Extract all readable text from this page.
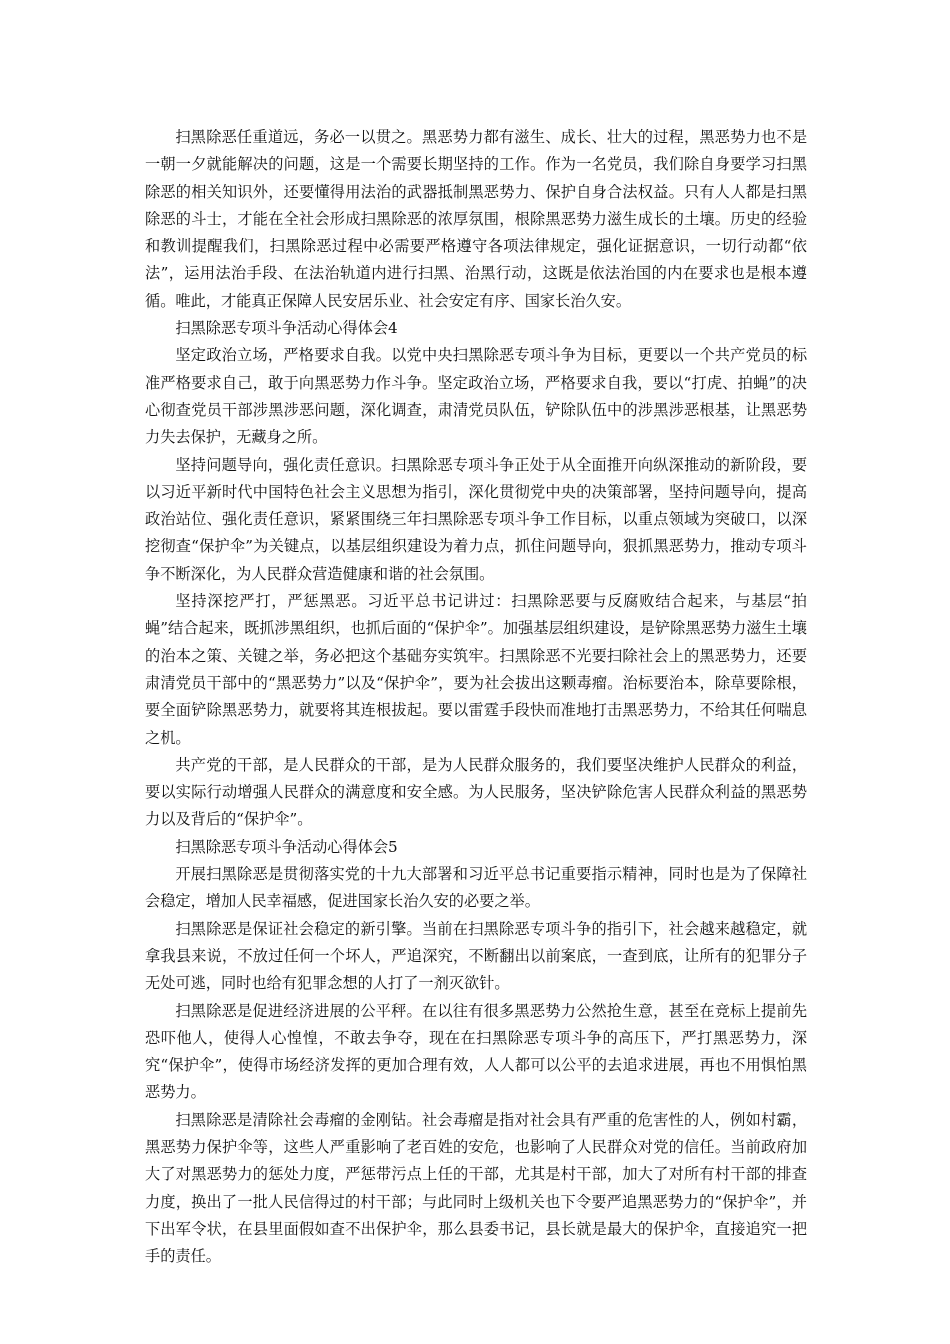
扫黑除恶任重道远，务必一以贯之。黑恶势力都有滋生、成长、壮大的过程，黑恶势力也不是一朝一夕就能解决的问题，这是一个需要长期坚持的工作。作为一名党员，我们除自身要学习扫黑除恶的相关知识外，还要懂得用法治的武器抵制黑恶势力、保护自身合法权益。只有人人都是扫黑除恶的斗士，才能在全社会形成扫黑除恶的浓厚氛围，根除黑恶势力滋生成长的土壤。历史的经验和教训提醒我们，扫黑除恶过程中必需要严格遵守各项法律规定，强化证据意识，一切行动都“依法”，运用法治手段、在法治轨道内进行扫黑、治黑行动，这既是依法治国的内在要求也是根本遵循。唯此，才能真正保障人民安居乐业、社会安定有序、国家长治久安。

扫黑除恶专项斗争活动心得体会4

坚定政治立场，严格要求自我。以党中央扫黑除恶专项斗争为目标，更要以一个共产党员的标准严格要求自己，敢于向黑恶势力作斗争。坚定政治立场，严格要求自我，要以“打虎、拍蝇”的决心彻查党员干部涉黑涉恶问题，深化调查，肃清党员队伍，铲除队伍中的涉黑涉恶根基，让黑恶势力失去保护，无藏身之所。

坚持问题导向，强化责任意识。扫黑除恶专项斗争正处于从全面推开向纵深推动的新阶段，要以习近平新时代中国特色社会主义思想为指引，深化贯彻党中央的决策部署，坚持问题导向，提高政治站位、强化责任意识，紧紧围绕三年扫黑除恶专项斗争工作目标，以重点领域为突破口，以深挖彻查“保护伞”为关键点，以基层组织建设为着力点，抓住问题导向，狠抓黑恶势力，推动专项斗争不断深化，为人民群众营造健康和谐的社会氛围。

坚持深挖严打，严惩黑恶。习近平总书记讲过：扫黑除恶要与反腐败结合起来，与基层“拍蝇”结合起来，既抓涉黑组织，也抓后面的“保护伞”。加强基层组织建设，是铲除黑恶势力滋生土壤的治本之策、关键之举，务必把这个基础夯实筑牢。扫黑除恶不光要扫除社会上的黑恶势力，还要肃清党员干部中的“黑恶势力”以及“保护伞”，要为社会拔出这颗毒瘤。治标要治本，除草要除根，要全面铲除黑恶势力，就要将其连根拔起。要以雷霆手段快而准地打击黑恶势力，不给其任何喘息之机。

共产党的干部，是人民群众的干部，是为人民群众服务的，我们要坚决维护人民群众的利益，要以实际行动增强人民群众的满意度和安全感。为人民服务，坚决铲除危害人民群众利益的黑恶势力以及背后的“保护伞”。

扫黑除恶专项斗争活动心得体会5

开展扫黑除恶是贯彻落实党的十九大部署和习近平总书记重要指示精神，同时也是为了保障社会稳定，增加人民幸福感，促进国家长治久安的必要之举。

扫黑除恶是保证社会稳定的新引擎。当前在扫黑除恶专项斗争的指引下，社会越来越稳定，就拿我县来说，不放过任何一个坏人，严追深究，不断翻出以前案底，一查到底，让所有的犯罪分子无处可逃，同时也给有犯罪念想的人打了一剂灭欲针。

扫黑除恶是促进经济进展的公平秤。在以往有很多黑恶势力公然抢生意，甚至在竞标上提前先恐吓他人，使得人心惶惶，不敢去争夺，现在在扫黑除恶专项斗争的高压下，严打黑恶势力，深究“保护伞”，使得市场经济发挥的更加合理有效，人人都可以公平的去追求进展，再也不用惧怕黑恶势力。

扫黑除恶是清除社会毒瘤的金刚钻。社会毒瘤是指对社会具有严重的危害性的人，例如村霸，黑恶势力保护伞等，这些人严重影响了老百姓的安危，也影响了人民群众对党的信任。当前政府加大了对黑恶势力的惩处力度，严惩带污点上任的干部，尤其是村干部，加大了对所有村干部的排查力度，换出了一批人民信得过的村干部；与此同时上级机关也下令要严追黑恶势力的“保护伞”，并下出军令状，在县里面假如查不出保护伞，那么县委书记，县长就是最大的保护伞，直接追究一把手的责任。
